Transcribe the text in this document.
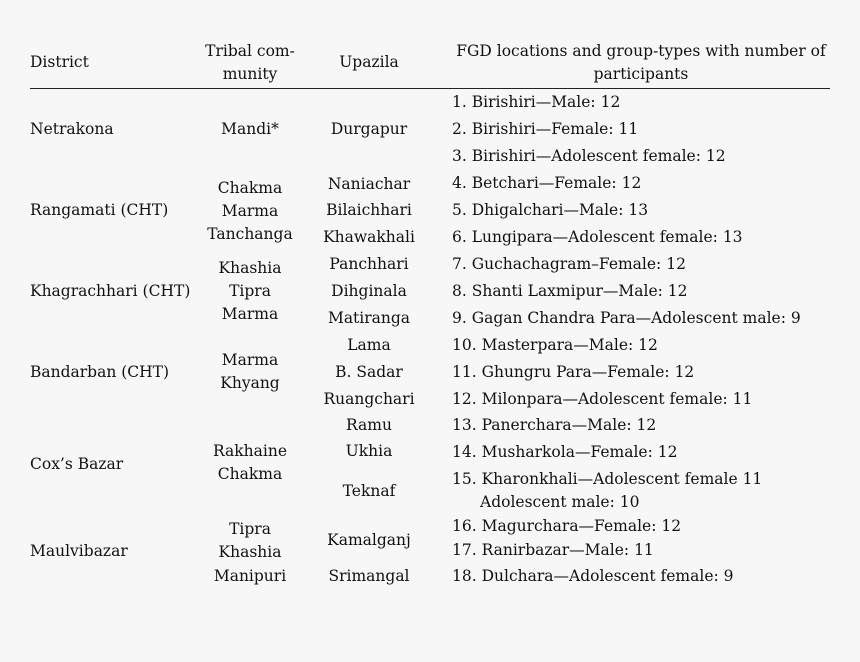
District
Tribal com-
munity
Upazila
FGD locations and group-types with number of
participants
Netrakona
Rangamati (CHT)
Khagrachhari (CHT)
Bandarban (CHT)
Cox’s Bazar
Maulvibazar
Mandi*
Chakma
Marma
Tanchanga
Khashia
Tipra
Marma
Marma
Khyang
Rakhaine
Chakma
Tipra
Khashia
Manipuri
Durgapur
Naniachar
Bilaichhari
Khawakhali
Panchhari
Dihginala
Matiranga
Lama
B. Sadar
Ruangchari
Ramu
Ukhia
Teknaf
Kamalganj
Srimangal
1. Birishiri—Male: 12
2. Birishiri—Female: 11
3. Birishiri—Adolescent female: 12
4. Betchari—Female: 12
5. Dhigalchari—Male: 13
6. Lungipara—Adolescent female: 13
7. Guchachagram–Female: 12
8. Shanti Laxmipur—Male: 12
9. Gagan Chandra Para—Adolescent male: 9
10. Masterpara—Male: 12
11. Ghungru Para—Female: 12
12. Milonpara—Adolescent female: 11
13. Panerchara—Male: 12
14. Musharkola—Female: 12
15. Kharonkhali—Adolescent female 11
Adolescent male: 10
16. Magurchara—Female: 12
17. Ranirbazar—Male: 11
18. Dulchara—Adolescent female: 9
